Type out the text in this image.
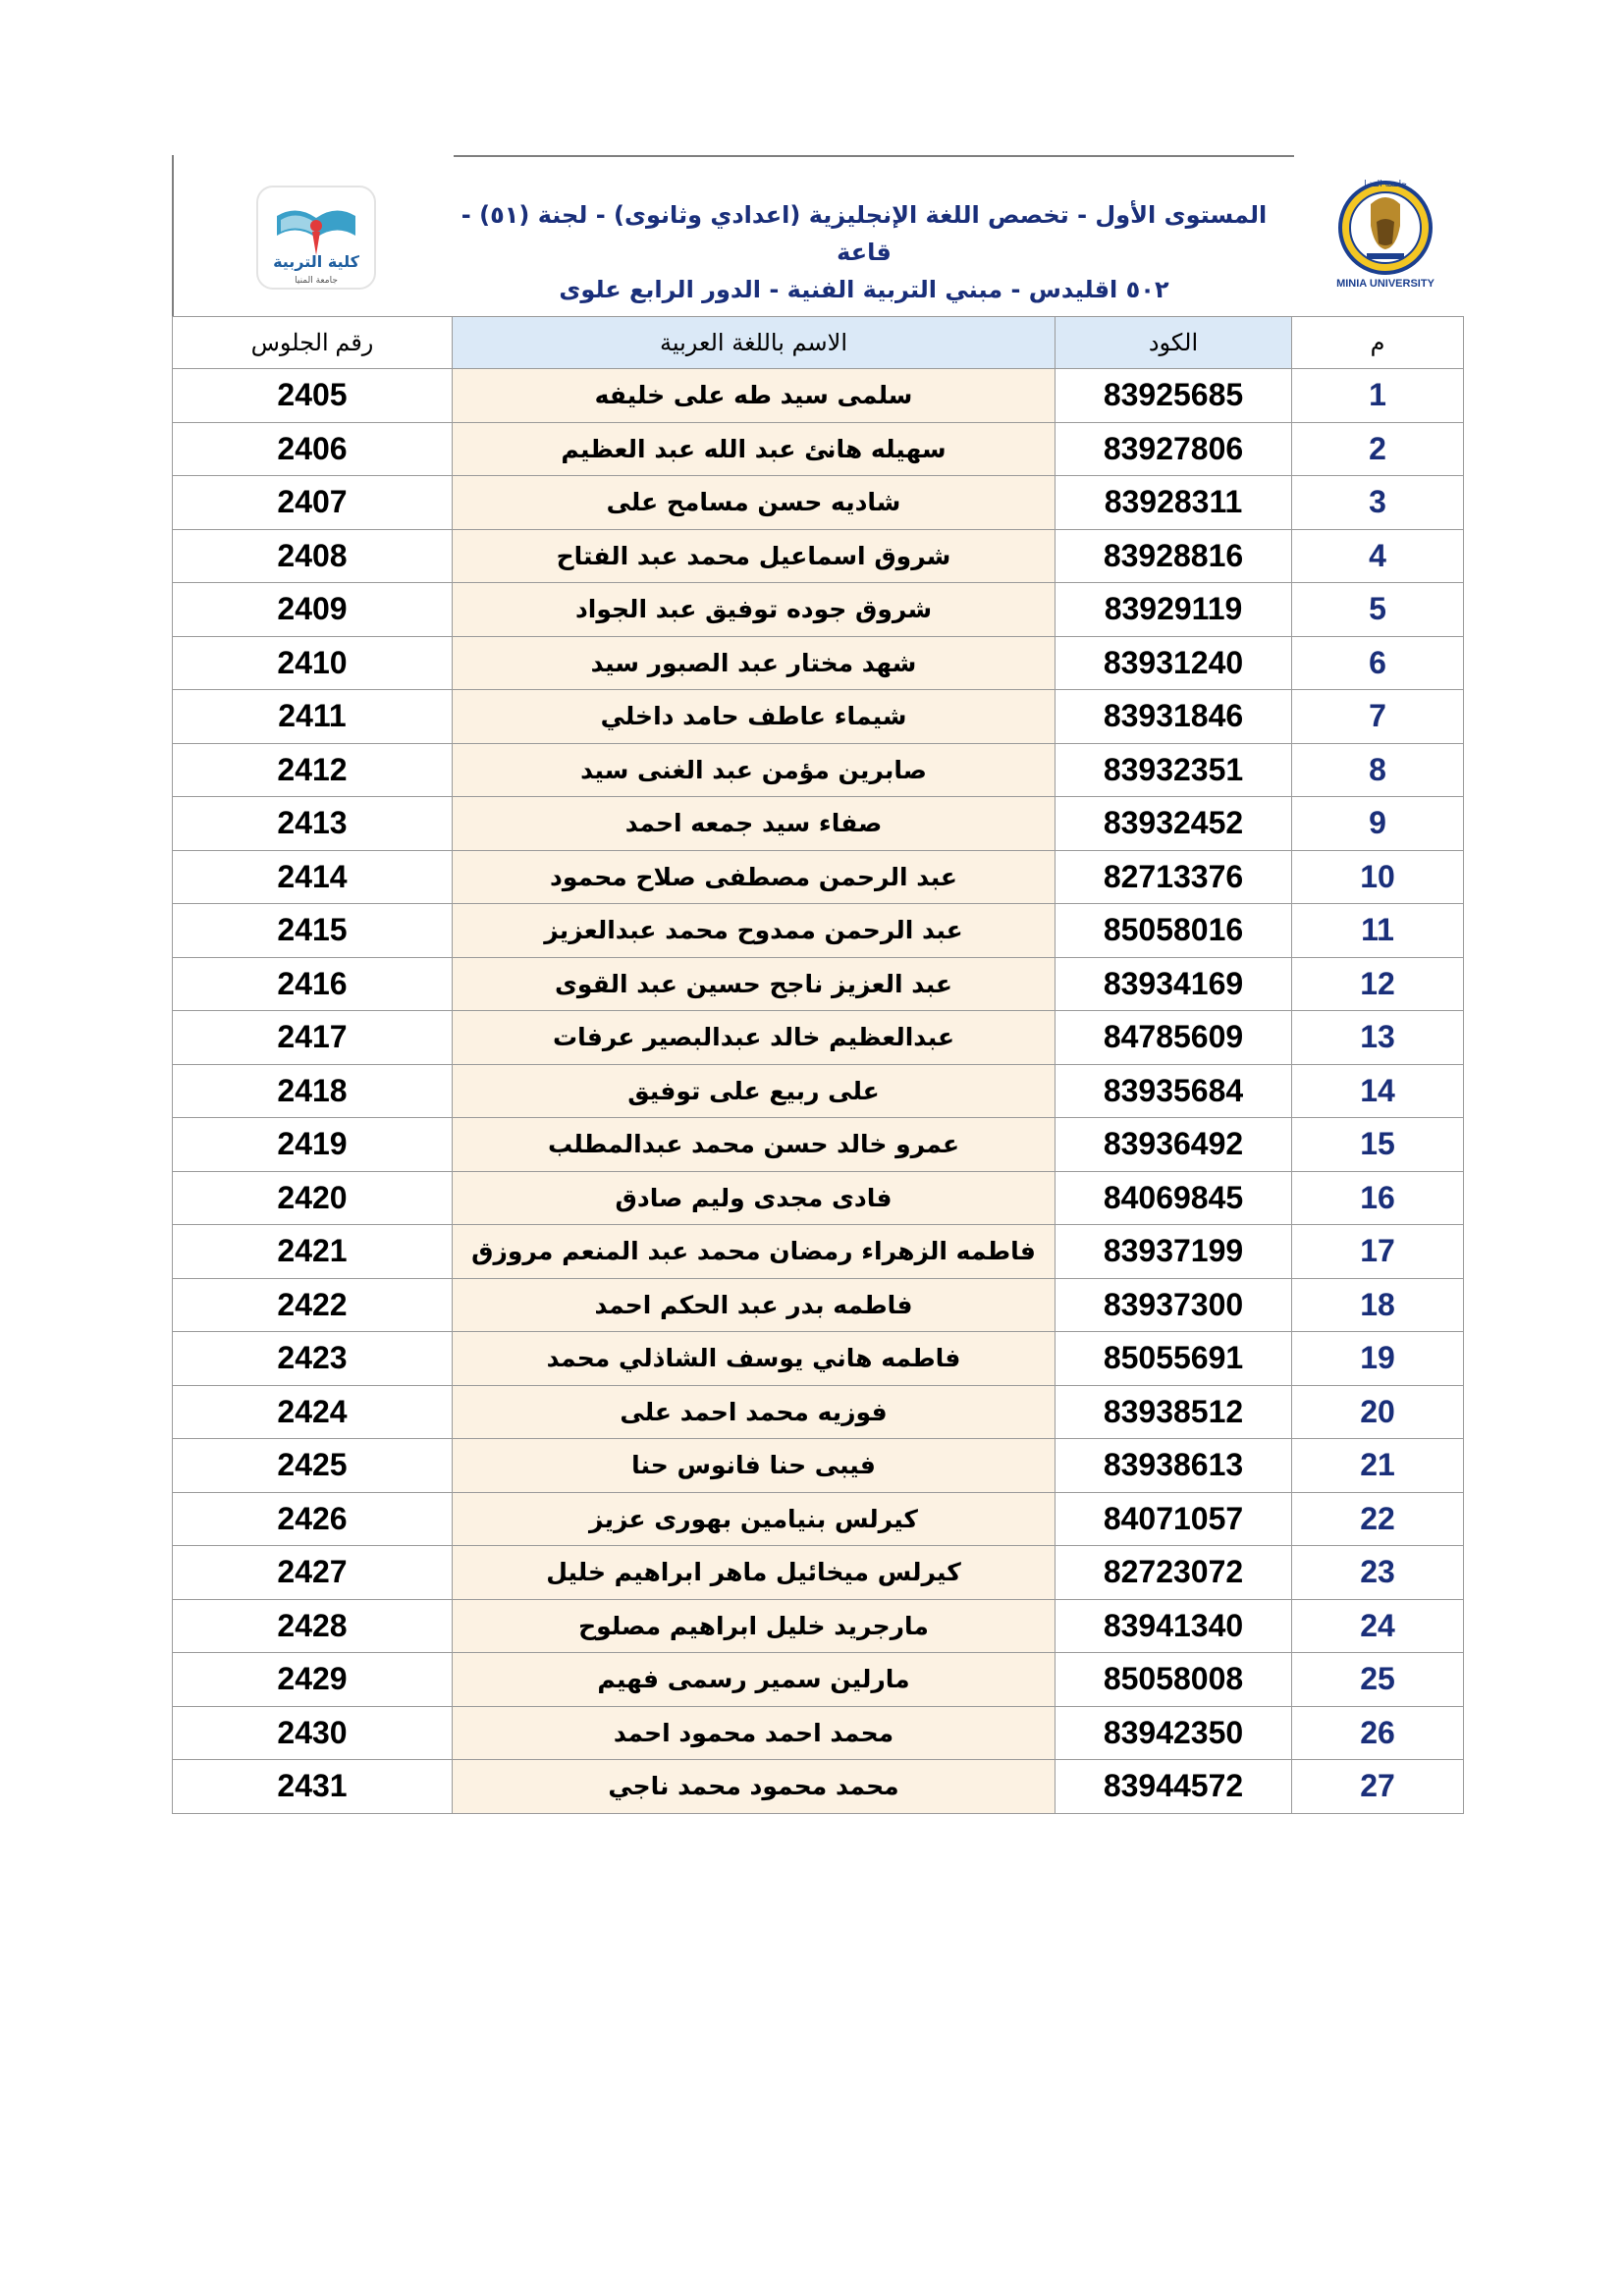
MINIA UNIVERSITY
جامعة المنيا
كلية التربية
جامعة المنيا
المستوى الأول - تخصص اللغة الإنجليزية (اعدادي وثانوى) - لجنة (٥١) - قاعة
٥٠٢ اقليدس - مبني التربية الفنية - الدور الرابع علوى
م	الكود	الاسم باللغة العربية	رقم الجلوس
1	83925685	سلمى سيد طه على خليفه	2405
2	83927806	سهيله هانئ عبد الله عبد العظيم	2406
3	83928311	شاديه حسن مسامح على	2407
4	83928816	شروق اسماعيل محمد عبد الفتاح	2408
5	83929119	شروق جوده توفيق عبد الجواد	2409
6	83931240	شهد مختار عبد الصبور سيد	2410
7	83931846	شيماء عاطف حامد داخلي	2411
8	83932351	صابرين مؤمن عبد الغنى سيد	2412
9	83932452	صفاء سيد جمعه احمد	2413
10	82713376	عبد الرحمن مصطفى صلاح محمود	2414
11	85058016	عبد الرحمن ممدوح محمد عبدالعزيز	2415
12	83934169	عبد العزيز ناجح حسين عبد القوى	2416
13	84785609	عبدالعظيم خالد عبدالبصير عرفات	2417
14	83935684	على ربيع على توفيق	2418
15	83936492	عمرو خالد حسن محمد عبدالمطلب	2419
16	84069845	فادى مجدى وليم صادق	2420
17	83937199	فاطمه الزهراء رمضان محمد عبد المنعم مروزق	2421
18	83937300	فاطمه بدر عبد الحكم احمد	2422
19	85055691	فاطمه هاني يوسف الشاذلي محمد	2423
20	83938512	فوزيه محمد احمد على	2424
21	83938613	فيبى حنا فانوس حنا	2425
22	84071057	كيرلس بنيامين بهورى عزيز	2426
23	82723072	كيرلس ميخائيل ماهر ابراهيم خليل	2427
24	83941340	مارجريد خليل ابراهيم مصلوح	2428
25	85058008	مارلين سمير رسمى فهيم	2429
26	83942350	محمد احمد محمود احمد	2430
27	83944572	محمد محمود محمد ناجي	2431
